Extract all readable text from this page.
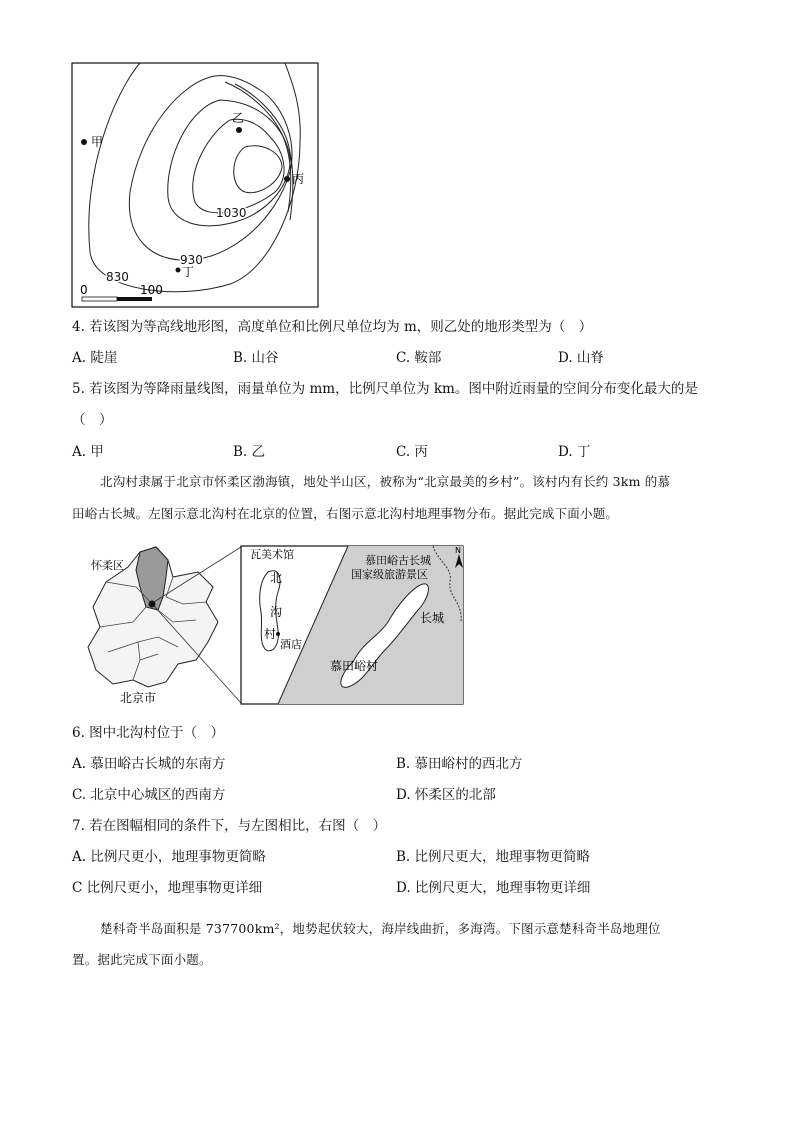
甲
乙
丙
丁
1030
930
830
0	100
4. 若该图为等高线地形图，高度单位和比例尺单位均为 m，则乙处的地形类型为（　）
A. 陡崖	B. 山谷	C. 鞍部	D. 山脊
5. 若该图为等降雨量线图，雨量单位为 mm，比例尺单位为 km。图中附近雨量的空间分布变化最大的是
（　）
A. 甲	B. 乙	C. 丙	D. 丁
北沟村隶属于北京市怀柔区渤海镇，地处半山区，被称为“北京最美的乡村”。该村内有长约 3km 的慕
田峪古长城。左图示意北沟村在北京的位置，右图示意北沟村地理事物分布。据此完成下面小题。
怀柔区
北京市
瓦美术馆
北
沟
村
酒店
慕田峪古长城
国家级旅游景区
长城
慕田峪村
N
6. 图中北沟村位于（　）
A. 慕田峪古长城的东南方	B. 慕田峪村的西北方
C. 北京中心城区的西南方	D. 怀柔区的北部
7. 若在图幅相同的条件下，与左图相比，右图（　）
A. 比例尺更小，地理事物更简略	B. 比例尺更大，地理事物更简略
C 比例尺更小，地理事物更详细	D. 比例尺更大，地理事物更详细
楚科奇半岛面积是 737700km²，地势起伏较大，海岸线曲折，多海湾。下图示意楚科奇半岛地理位
置。据此完成下面小题。
